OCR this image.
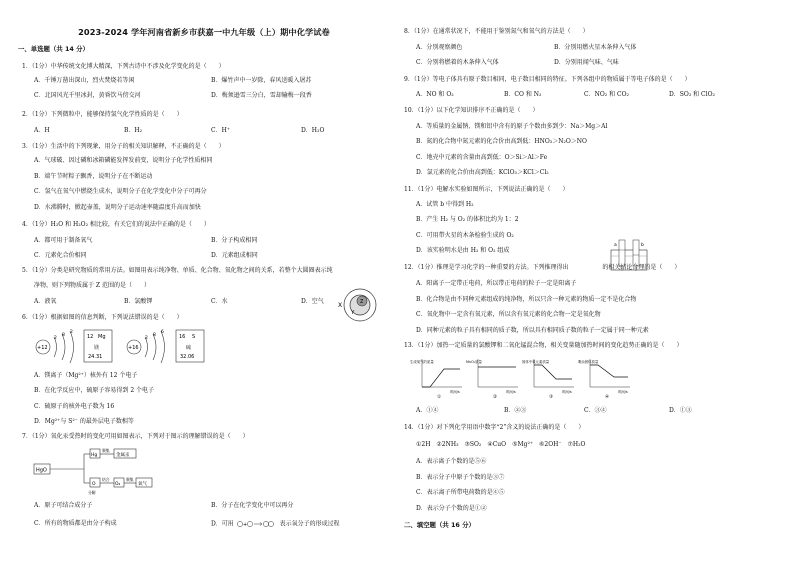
2023-2024 学年河南省新乡市获嘉一中九年级（上）期中化学试卷
一、单选题（共 14 分）
1．（1分）中华传统文化博大精深，下列古诗中不涉及化学变化的是（　　）
A．千锤万凿出深山，烈火焚烧若等闲	B．爆竹声中一岁除，春风送暖入屠苏
C．北国风光千里冰封，黄昏饮马傍交河	D．梅须逊雪三分白，雪却输梅一段香
2．（1分）下列微粒中，能够保持氢气化学性质的是（　　）
A．H	B．H₂	C．H⁺	D．H₂O
3．（1分）生活中的下列现象，用分子的相关知识解释，不正确的是（　　）
A．气球破、因过磷和冰箱磷能发挥发前变，说明分子化学性质相同
B．端午节时粽子飘香，说明分子在不断运动
C．氢气在氧气中燃烧生成水，说明分子在化学变化中分子可再分
D．水沸腾时，掀起壶盖，说明分子运动速率随温度升高而加快
4．（1分）H₂O 和 H₂O₂ 相比较，有关它们的说法中正确的是（　　）
A．都可用于制备氧气	B．分子构成相同
C．元素化合价相同	D．元素组成相同
5．（1分）分类是研究物质的常用方法。如图用表示纯净物、单质、化合物、氧化物之间的关系，若整个大圆圈表示纯
净物，则下列物质属于 Z 范围的是（　　）
A．液氧	B．氯酸钾	C．水	D．空气
X
Y
Z
6．（1分）根据如图的信息判断，下列说法错误的是（　　）
+12
2
8
2
12 Mg
镁
24.31
+16
2
8
6
16 S
硫
32.06
A．镁离子（Mg²⁺）核外有 12 个电子
B．在化学反应中，硫原子容易得到 2 个电子
C．硫原子的核外电子数为 16
D．Mg²⁺与 S²⁻ 的最外层电子数相等
7．（1分）氧化汞受热时的变化可用如图表示，下列对于图示的理解错误的是（　　）
HgO
Hg
聚集
金属汞
O
分解
结合
O₂
聚集
氧气
A．原子可结合成分子	B．分子在化学变化中可以再分
C．所有的物质都是由分子构成	D．可用 +	表示氧分子的形成过程
8．（1分）在通常状况下，不能用于鉴别氮气和氧气的方法是（　　）
A．分别观察颜色	B．分别用燃火星木条伸入气体
C．分别将燃着的木条伸入气体	D．分别用闻气味、气味
9．（1分）等电子体具有原子数目相同，电子数目相同的特征。下列各组中的物质属于等电子体的是（　　）
A．NO 和 O₂	B．CO 和 N₂	C．NO₂ 和 CO₂	D．SO₂ 和 ClO₂
10．（1分）以下化学知识排序不正确的是（　　）
A．等质量的金属钠、镁和铝中含有的原子个数由多到少：Na＞Mg＞Al
B．氮的化合物中氮元素的化合价由高到低：HNO₃＞N₂O＞NO
C．地壳中元素的含量由高到低：O＞Si＞Al＞Fe
D．氯元素的化合价由高到低：KClO₃＞KCl＞Cl₂
11．（1分）电解水实验如图所示，下列说法正确的是（　　）
A．试管 b 中得到 H₂
B．产生 H₂ 与 O₂ 的体积比约为 1：2
C．可用带火星的木条检验生成的 O₂
D．该实验明水是由 H₂ 和 O₂ 组成
a	b
12．（1分）推理是学习化学的一种重要的方法。下列推理得出	的相关结论合理的是（　　）
A．阳离子一定带正电荷，所以带正电荷的粒子一定是阳离子
B．化合物是由不同种元素组成的纯净物，所以只含一种元素的物质一定不是化合物
C．氧化物中一定含有氧元素，所以含有氧元素的化合物一定是氧化物
D．同种元素的粒子具有相同的质子数，所以具有相同质子数的粒子一定属于同一种元素
13．（1分）加热一定质量的氯酸钾和二氧化锰混合物，相关变量随加热时间的变化趋势正确的是（　　）
生成氧气的质量
时间/s
①
MnO₂质量
时间/s
②
固体中氧元素质量
时间/s
③
剩余固体质量
时间/s
④
A．①④	B．②③	C．③④	D．①③
14．（1分）对下列化学用语中数字“2”含义的说法正确的是（　　）
①2H　②2NH₃　③SO₂　④CuO　⑤Mg²⁺　⑥2OH⁻　⑦H₂O
A．表示离子个数的是⑤⑥
B．表示分子中原子个数的是③⑦
C．表示离子所带电荷数的是④⑤
D．表示分子个数的是①②
二、填空题（共 16 分）
